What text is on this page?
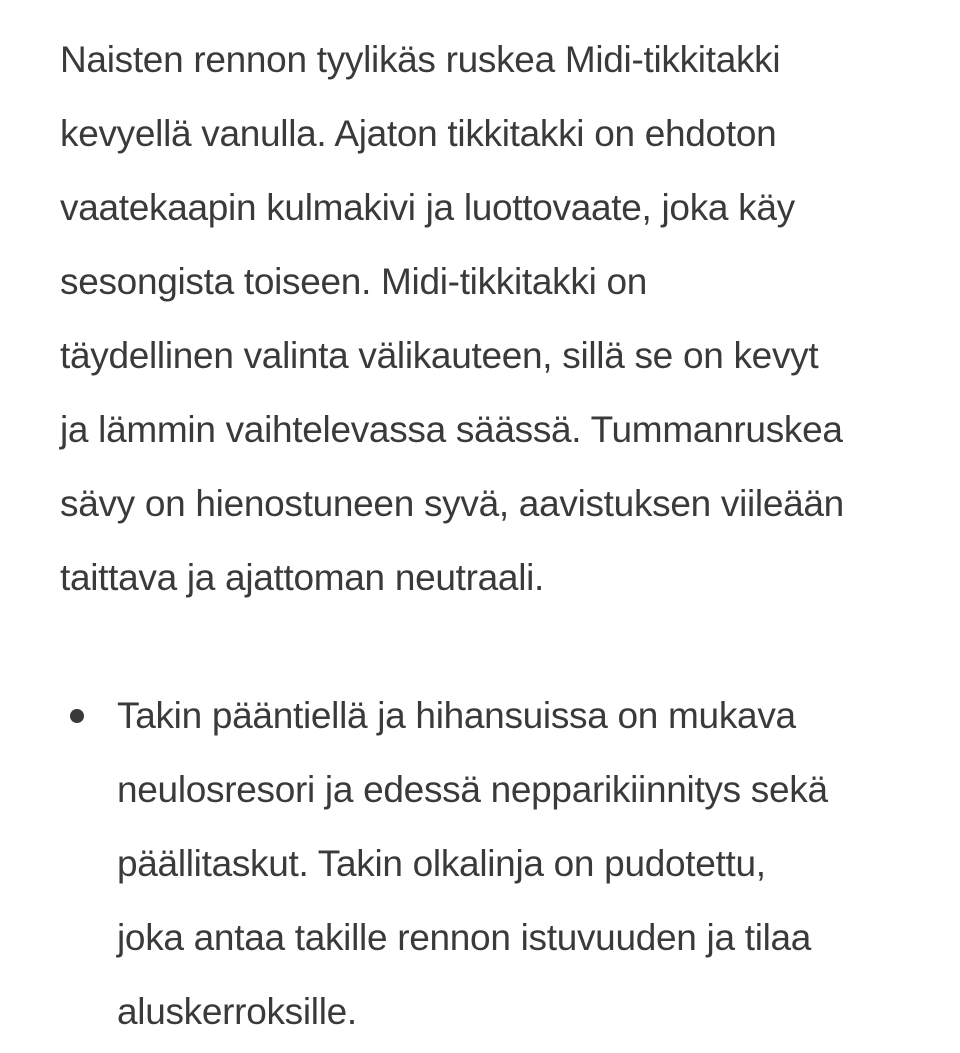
Naisten rennon tyylikäs ruskea Midi-tikkitakki
kevyellä vanulla. Ajaton tikkitakki on ehdoton
vaatekaapin kulmakivi ja luottovaate, joka käy
sesongista toiseen. Midi-tikkitakki on
täydellinen valinta välikauteen, sillä se on kevyt
ja lämmin vaihtelevassa säässä. Tummanruskea
sävy on hienostuneen syvä, aavistuksen viileään
taittava ja ajattoman neutraali.

Takin pääntiellä ja hihansuissa on mukava
neulosresori ja edessä nepparikiinnitys sekä
päällitaskut. Takin olkalinja on pudotettu,
joka antaa takille rennon istuvuuden ja tilaa
aluskerroksille.
